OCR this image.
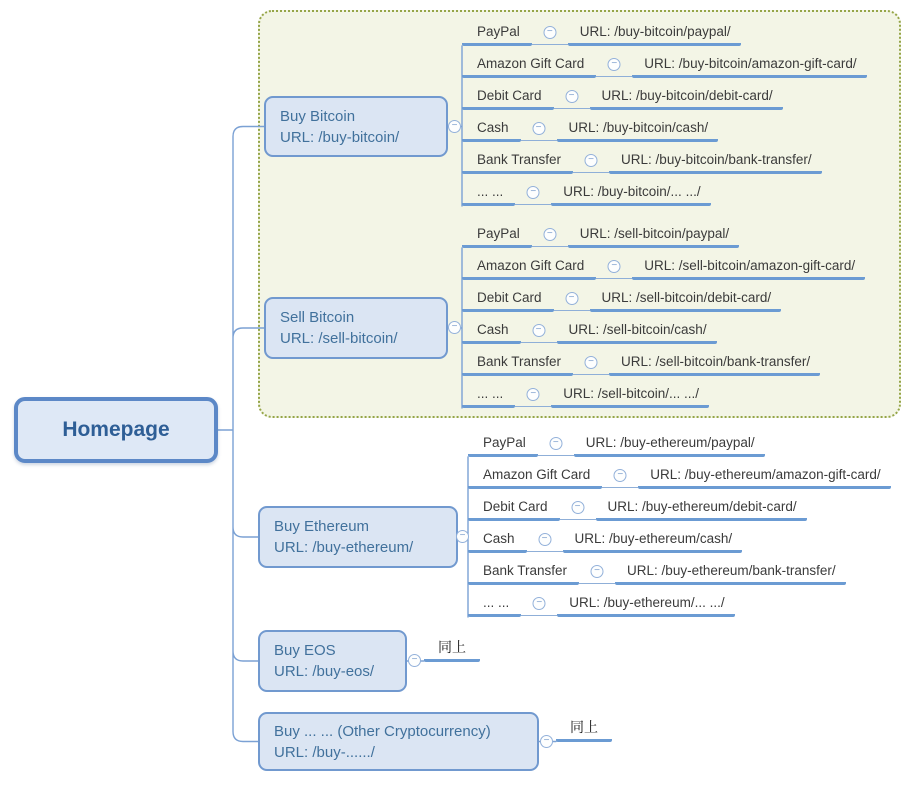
Homepage
Buy Bitcoin
URL: /buy-bitcoin/
Sell Bitcoin
URL: /sell-bitcoin/
Buy Ethereum
URL: /buy-ethereum/
Buy EOS
URL: /buy-eos/
Buy ... ... (Other Cryptocurrency)
URL: /buy-....../
−
−
−
−
−
PayPal	−	URL: /buy-bitcoin/paypal/
Amazon Gift Card	−	URL: /buy-bitcoin/amazon-gift-card/
Debit Card	−	URL: /buy-bitcoin/debit-card/
Cash	−	URL: /buy-bitcoin/cash/
Bank Transfer	−	URL: /buy-bitcoin/bank-transfer/
... ...	−	URL: /buy-bitcoin/... .../
PayPal	−	URL: /sell-bitcoin/paypal/
Amazon Gift Card	−	URL: /sell-bitcoin/amazon-gift-card/
Debit Card	−	URL: /sell-bitcoin/debit-card/
Cash	−	URL: /sell-bitcoin/cash/
Bank Transfer	−	URL: /sell-bitcoin/bank-transfer/
... ...	−	URL: /sell-bitcoin/... .../
PayPal	−	URL: /buy-ethereum/paypal/
Amazon Gift Card	−	URL: /buy-ethereum/amazon-gift-card/
Debit Card	−	URL: /buy-ethereum/debit-card/
Cash	−	URL: /buy-ethereum/cash/
Bank Transfer	−	URL: /buy-ethereum/bank-transfer/
... ...	−	URL: /buy-ethereum/... .../
同上
同上
